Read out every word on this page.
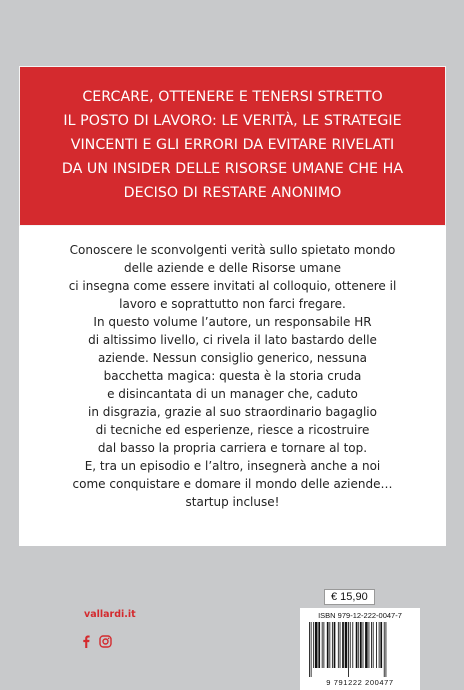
CERCARE, OTTENERE E TENERSI STRETTO
IL POSTO DI LAVORO: LE VERITÀ, LE STRATEGIE
VINCENTI E GLI ERRORI DA EVITARE RIVELATI
DA UN INSIDER DELLE RISORSE UMANE CHE HA
DECISO DI RESTARE ANONIMO

Conoscere le sconvolgenti verità sullo spietato mondo
delle aziende e delle Risorse umane
ci insegna come essere invitati al colloquio, ottenere il
lavoro e soprattutto non farci fregare.
In questo volume l’autore, un responsabile HR
di altissimo livello, ci rivela il lato bastardo delle
aziende. Nessun consiglio generico, nessuna
bacchetta magica: questa è la storia cruda
e disincantata di un manager che, caduto
in disgrazia, grazie al suo straordinario bagaglio
di tecniche ed esperienze, riesce a ricostruire
dal basso la propria carriera e tornare al top.
E, tra un episodio e l’altro, insegnerà anche a noi
come conquistare e domare il mondo delle aziende…
startup incluse!

vallardi.it
€ 15,90
ISBN 979-12-222-0047-7
9 791222 200477
